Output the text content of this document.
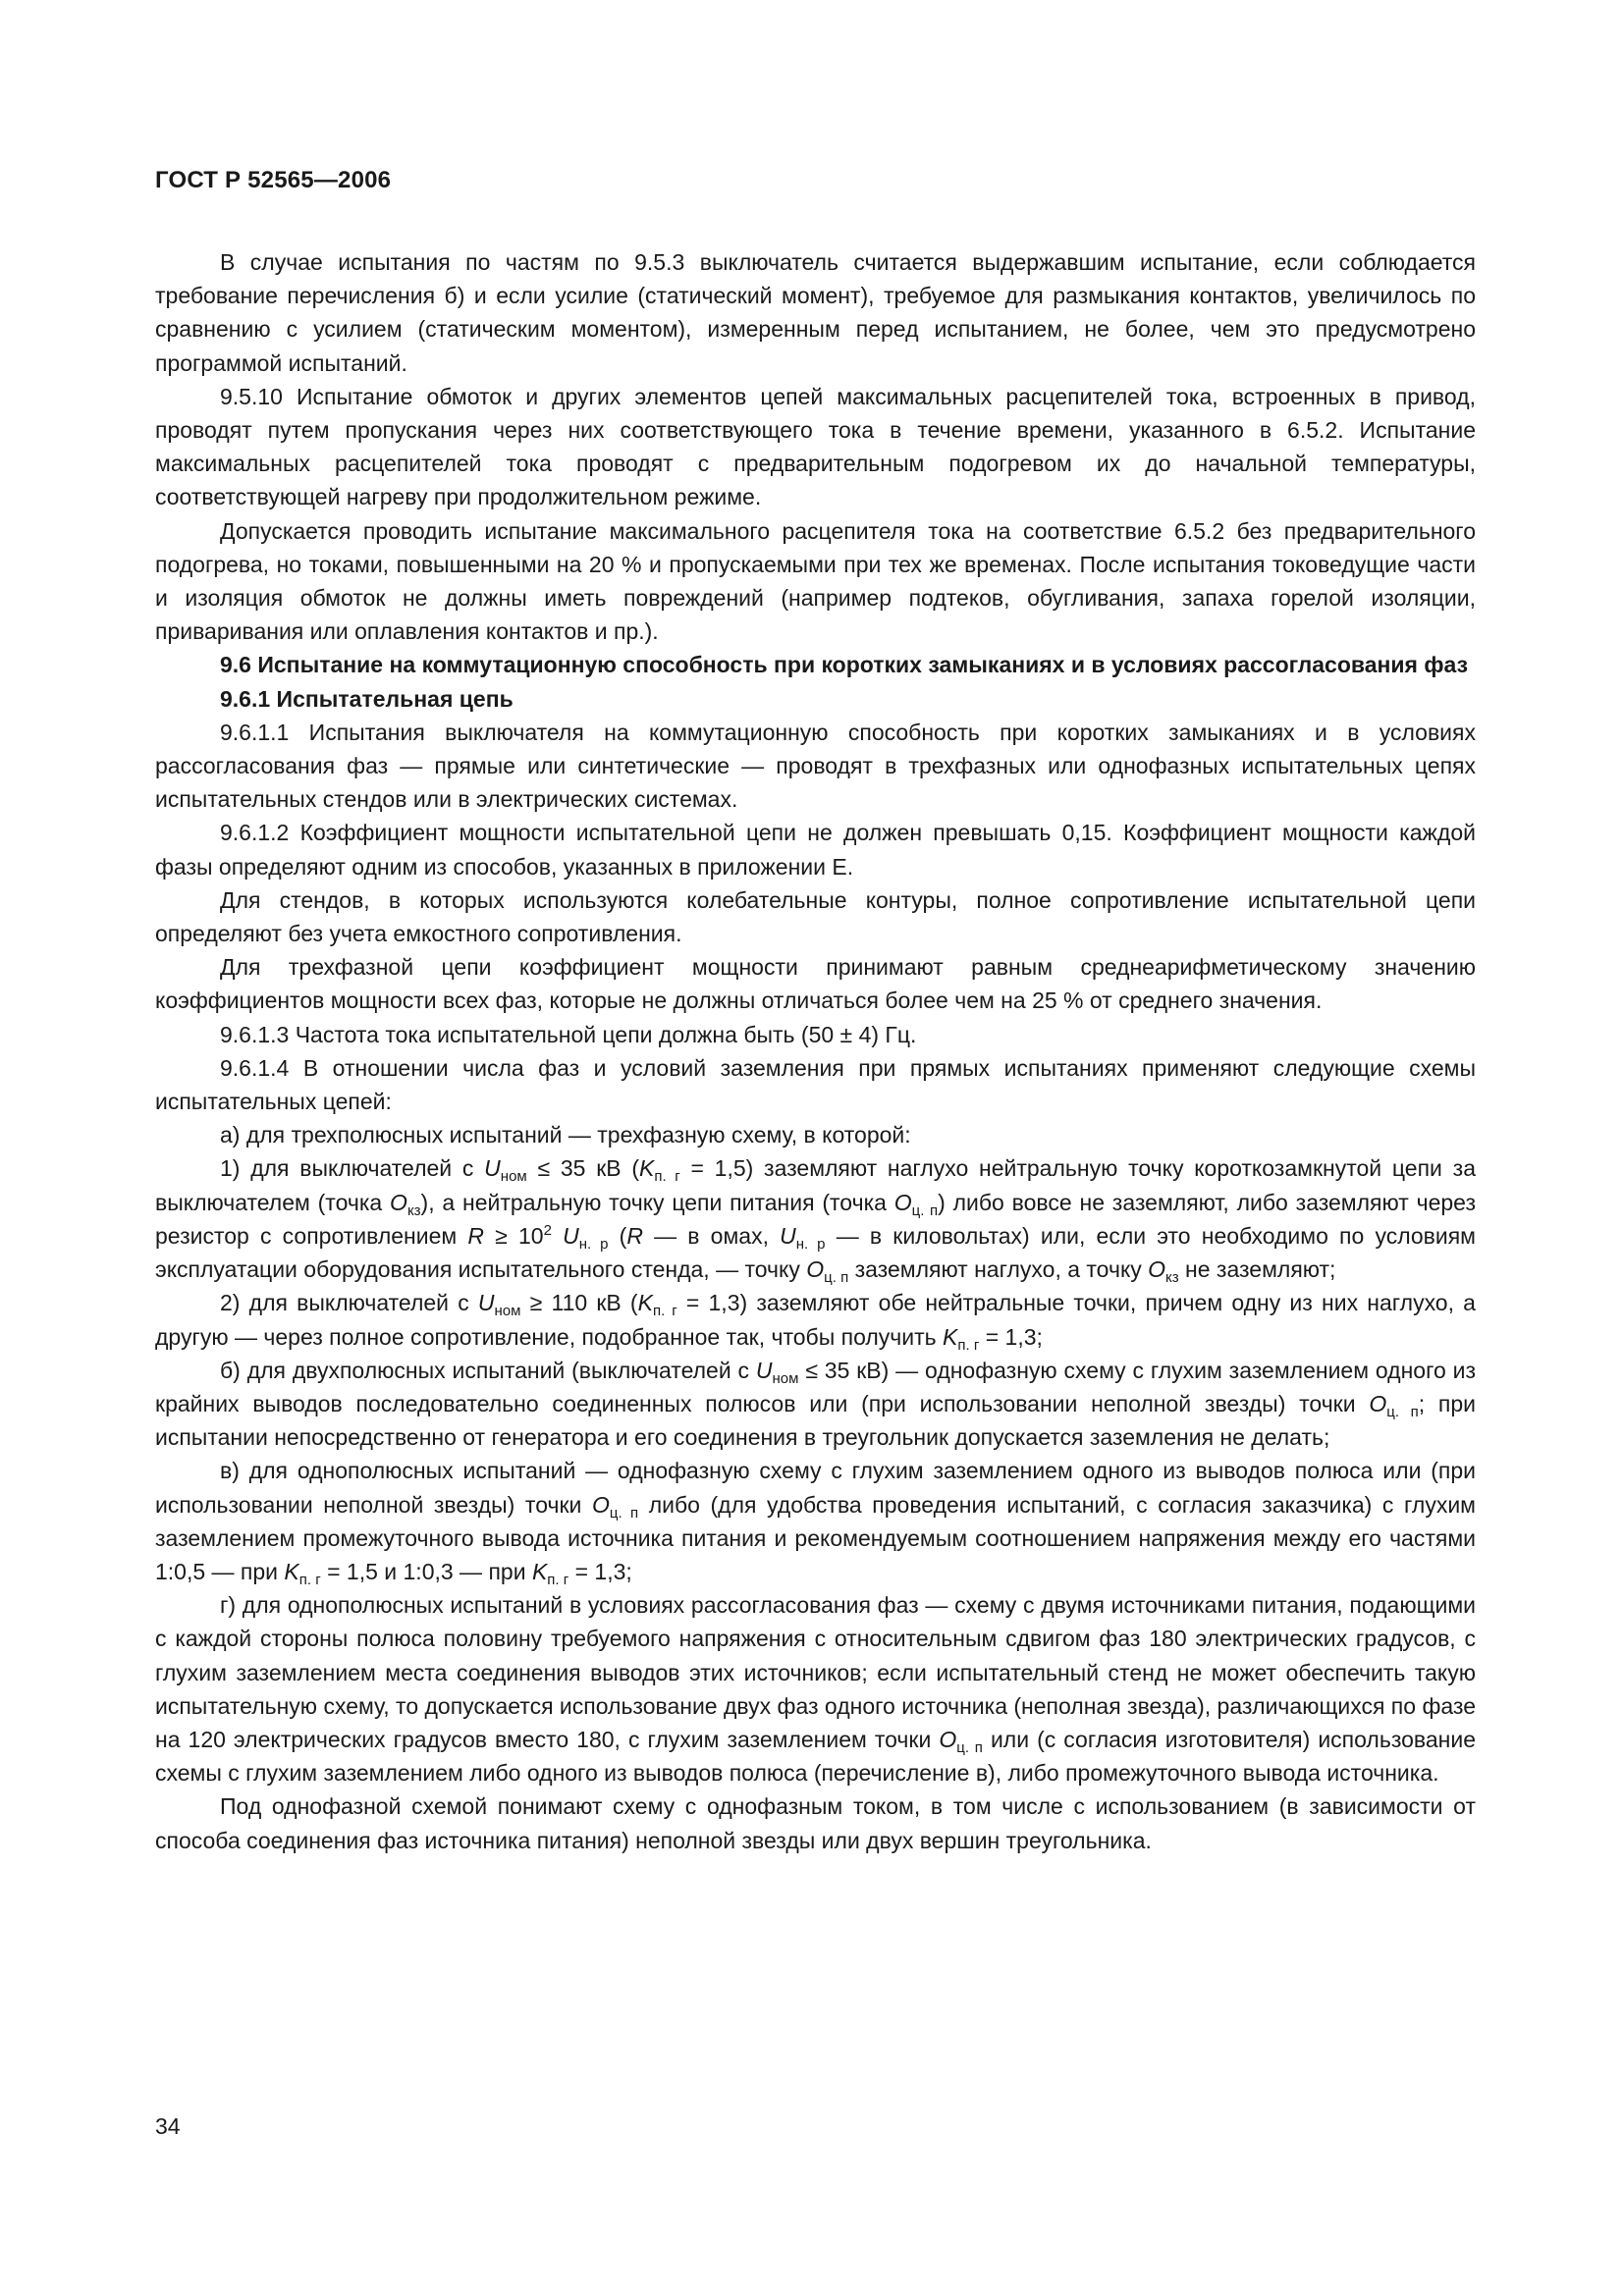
ГОСТ Р 52565—2006

В случае испытания по частям по 9.5.3 выключатель считается выдержавшим испытание, если соблюдается требование перечисления б) и если усилие (статический момент), требуемое для размыкания контактов, увеличилось по сравнению с усилием (статическим моментом), измеренным перед испытанием, не более, чем это предусмотрено программой испытаний.

9.5.10 Испытание обмоток и других элементов цепей максимальных расцепителей тока, встроенных в привод, проводят путем пропускания через них соответствующего тока в течение времени, указанного в 6.5.2. Испытание максимальных расцепителей тока проводят с предварительным подогревом их до начальной температуры, соответствующей нагреву при продолжительном режиме.

Допускается проводить испытание максимального расцепителя тока на соответствие 6.5.2 без предварительного подогрева, но токами, повышенными на 20 % и пропускаемыми при тех же временах. После испытания токоведущие части и изоляция обмоток не должны иметь повреждений (например подтеков, обугливания, запаха горелой изоляции, приваривания или оплавления контактов и пр.).

9.6 Испытание на коммутационную способность при коротких замыканиях и в условиях рассогласования фаз

9.6.1 Испытательная цепь

9.6.1.1 Испытания выключателя на коммутационную способность при коротких замыканиях и в условиях рассогласования фаз — прямые или синтетические — проводят в трехфазных или однофазных испытательных цепях испытательных стендов или в электрических системах.

9.6.1.2 Коэффициент мощности испытательной цепи не должен превышать 0,15. Коэффициент мощности каждой фазы определяют одним из способов, указанных в приложении Е.

Для стендов, в которых используются колебательные контуры, полное сопротивление испытательной цепи определяют без учета емкостного сопротивления.

Для трехфазной цепи коэффициент мощности принимают равным среднеарифметическому значению коэффициентов мощности всех фаз, которые не должны отличаться более чем на 25 % от среднего значения.

9.6.1.3 Частота тока испытательной цепи должна быть (50 ± 4) Гц.

9.6.1.4 В отношении числа фаз и условий заземления при прямых испытаниях применяют следующие схемы испытательных цепей:

а) для трехполюсных испытаний — трехфазную схему, в которой:

1) для выключателей с $U_{ном} \le 35$ кВ $(K_{п. г} = 1,5)$ заземляют наглухо нейтральную точку короткозамкнутой цепи за выключателем (точка $O_{кз}$), а нейтральную точку цепи питания (точка $O_{ц. п}$) либо вовсе не заземляют, либо заземляют через резистор с сопротивлением $R \ge 10^2$ $U_{н. р}$ (R — в омах, $U_{н. р}$ — в киловольтах) или, если это необходимо по условиям эксплуатации оборудования испытательного стенда, — точку $O_{ц. п}$ заземляют наглухо, а точку $O_{кз}$ не заземляют;

2) для выключателей с $U_{ном} \ge 110$ кВ $(K_{п. г} = 1,3)$ заземляют обе нейтральные точки, причем одну из них наглухо, а другую — через полное сопротивление, подобранное так, чтобы получить $K_{п. г} = 1,3$;

б) для двухполюсных испытаний (выключателей с $U_{ном} \le 35$ кВ) — однофазную схему с глухим заземлением одного из крайних выводов последовательно соединенных полюсов или (при использовании неполной звезды) точки $O_{ц. п}$; при испытании непосредственно от генератора и его соединения в треугольник допускается заземления не делать;

в) для однополюсных испытаний — однофазную схему с глухим заземлением одного из выводов полюса или (при использовании неполной звезды) точки $O_{ц. п}$ либо (для удобства проведения испытаний, с согласия заказчика) с глухим заземлением промежуточного вывода источника питания и рекомендуемым соотношением напряжения между его частями 1:0,5 — при $K_{п. г} = 1,5$ и 1:0,3 — при $K_{п. г} = 1,3$;

г) для однополюсных испытаний в условиях рассогласования фаз — схему с двумя источниками питания, подающими с каждой стороны полюса половину требуемого напряжения с относительным сдвигом фаз 180 электрических градусов, с глухим заземлением места соединения выводов этих источников; если испытательный стенд не может обеспечить такую испытательную схему, то допускается использование двух фаз одного источника (неполная звезда), различающихся по фазе на 120 электрических градусов вместо 180, с глухим заземлением точки $O_{ц. п}$ или (с согласия изготовителя) использование схемы с глухим заземлением либо одного из выводов полюса (перечисление в), либо промежуточного вывода источника.

Под однофазной схемой понимают схему с однофазным током, в том числе с использованием (в зависимости от способа соединения фаз источника питания) неполной звезды или двух вершин треугольника.

34
